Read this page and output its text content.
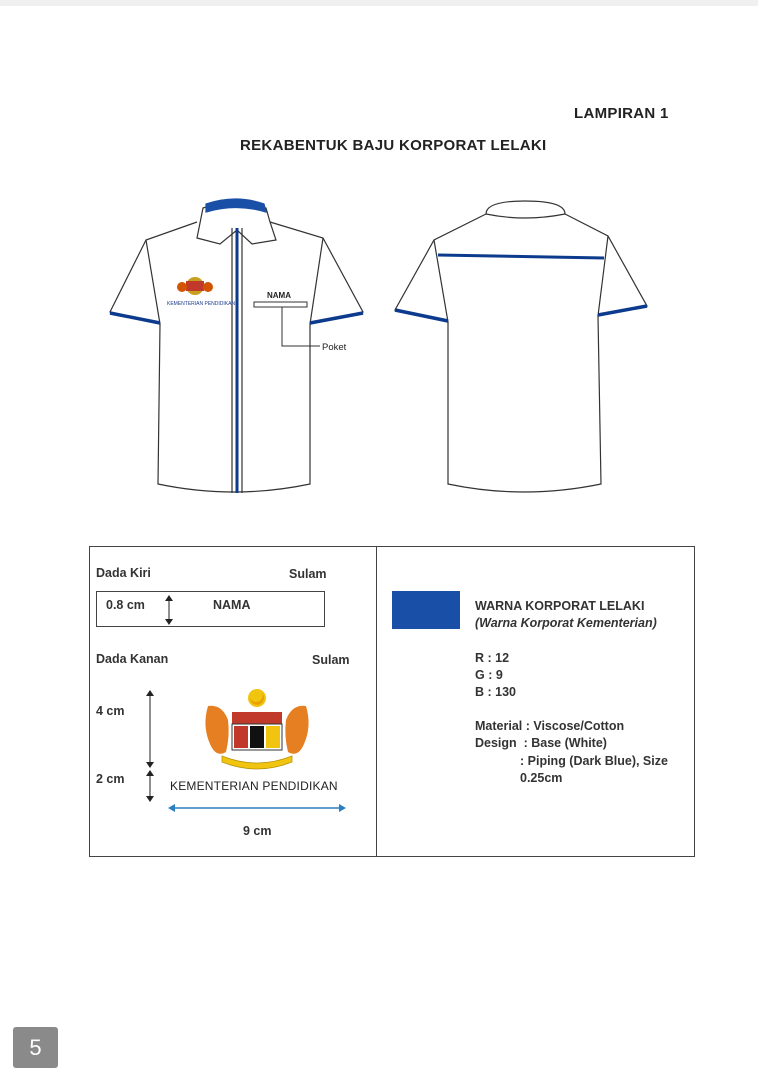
LAMPIRAN 1
REKABENTUK BAJU KORPORAT LELAKI
KEMENTERIAN PENDIDIKAN
NAMA
Poket
Dada Kiri	Sulam
0.8 cm	NAMA
Dada Kanan	Sulam
4 cm
2 cm	KEMENTERIAN PENDIDIKAN
9 cm
WARNA KORPORAT LELAKI
(Warna Korporat Kementerian)
R : 12
G : 9
B : 130
Material : Viscose/Cotton
Design  : Base (White)
: Piping (Dark Blue), Size
0.25cm
5
